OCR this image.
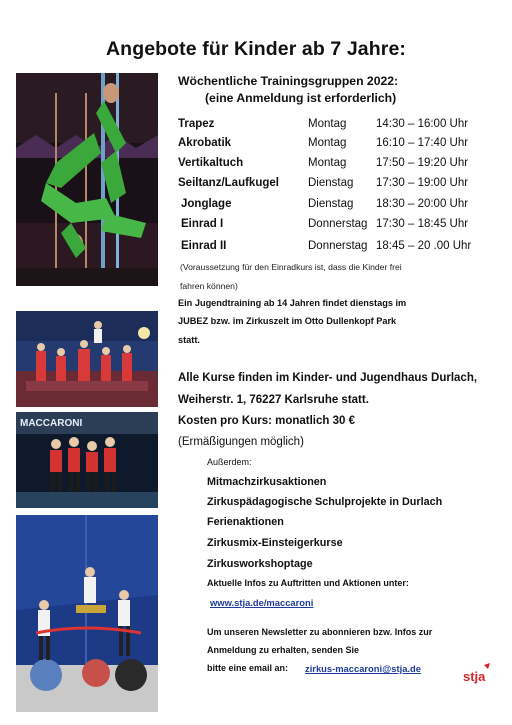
Angebote für Kinder ab 7 Jahre:
MACCARONI
Wöchentliche Trainingsgruppen 2022:
(eine Anmeldung ist erforderlich)
Trapez	Montag	14:30 – 16:00 Uhr
Akrobatik	Montag	16:10 – 17:40 Uhr
Vertikaltuch	Montag	17:50 – 19:20 Uhr
Seiltanz/Laufkugel	Dienstag 17:30 – 19:00 Uhr
Jonglage	Dienstag 18:30 – 20:00 Uhr
Einrad I	Donnerstag 17:30 – 18:45 Uhr
Einrad II	Donnerstag 18:45 – 20 .00 Uhr
(Voraussetzung für den Einradkurs ist, dass die Kinder frei
fahren können)
Ein Jugendtraining ab 14 Jahren findet dienstags im
JUBEZ bzw. im Zirkuszelt im Otto Dullenkopf Park
statt.
Alle Kurse finden im Kinder- und Jugendhaus Durlach,
Weiherstr. 1, 76227 Karlsruhe statt.
Kosten pro Kurs: monatlich 30 €
(Ermäßigungen möglich)
Außerdem:
Mitmachzirkusaktionen
Zirkuspädagogische Schulprojekte in Durlach
Ferienaktionen
Zirkusmix-Einsteigerkurse
Zirkusworkshoptage
Aktuelle Infos zu Auftritten und Aktionen unter:
www.stja.de/maccaroni
Um unseren Newsletter zu abonnieren bzw. Infos zur
Anmeldung zu erhalten, senden Sie
bitte eine email an: zirkus-maccaroni@stja.de
stja
